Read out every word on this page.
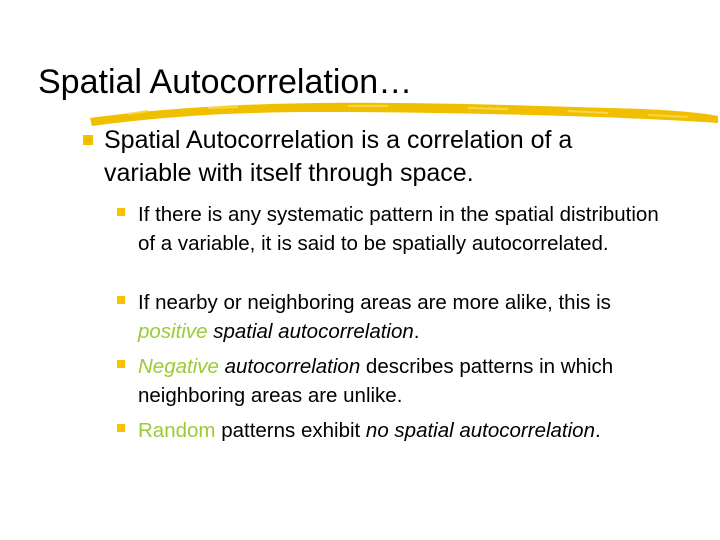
Spatial Autocorrelation…
Spatial Autocorrelation is a correlation of a variable with itself through space.
If there is any systematic pattern in the spatial distribution of a variable, it is said to be spatially autocorrelated.
If nearby or neighboring areas are more alike, this is positive spatial autocorrelation.
Negative autocorrelation describes patterns in which neighboring areas are unlike.
Random patterns exhibit no spatial autocorrelation.
